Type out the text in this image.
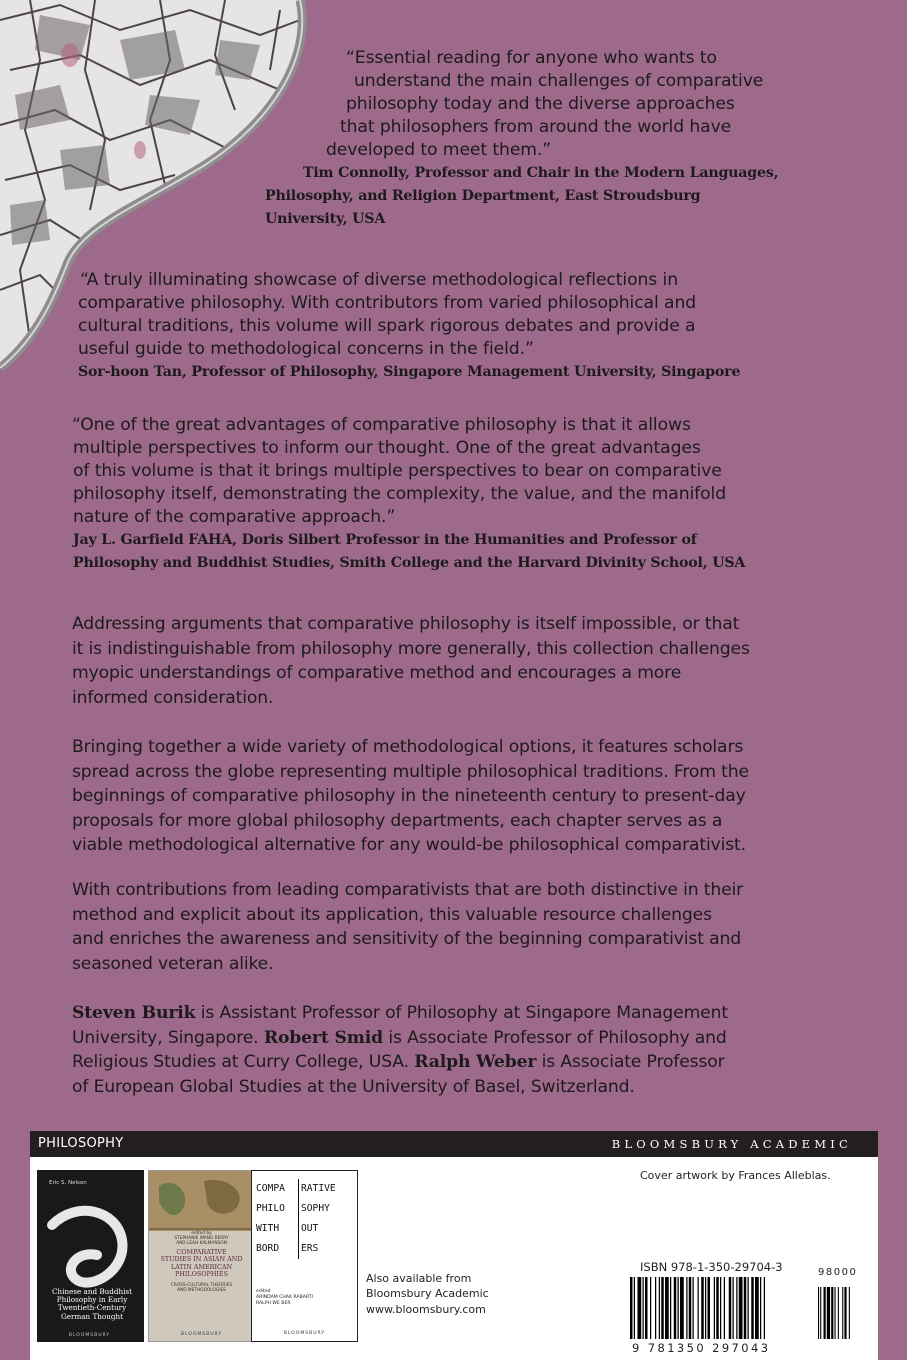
“Essential reading for anyone who wants to
understand the main challenges of comparative
philosophy today and the diverse approaches
that philosophers from around the world have
developed to meet them.”
Tim Connolly, Professor and Chair in the Modern Languages,
Philosophy, and Religion Department, East Stroudsburg
University, USA
“A truly illuminating showcase of diverse methodological reflections in
comparative philosophy. With contributors from varied philosophical and
cultural traditions, this volume will spark rigorous debates and provide a
useful guide to methodological concerns in the field.”
Sor-hoon Tan, Professor of Philosophy, Singapore Management University, Singapore
“One of the great advantages of comparative philosophy is that it allows
multiple perspectives to inform our thought. One of the great advantages
of this volume is that it brings multiple perspectives to bear on comparative
philosophy itself, demonstrating the complexity, the value, and the manifold
nature of the comparative approach.”
Jay L. Garfield FAHA, Doris Silbert Professor in the Humanities and Professor of
Philosophy and Buddhist Studies, Smith College and the Harvard Divinity School, USA
Addressing arguments that comparative philosophy is itself impossible, or that
it is indistinguishable from philosophy more generally, this collection challenges
myopic understandings of comparative method and encourages a more
informed consideration.
Bringing together a wide variety of methodological options, it features scholars
spread across the globe representing multiple philosophical traditions. From the
beginnings of comparative philosophy in the nineteenth century to present-day
proposals for more global philosophy departments, each chapter serves as a
viable methodological alternative for any would-be philosophical comparativist.
With contributions from leading comparativists that are both distinctive in their
method and explicit about its application, this valuable resource challenges
and enriches the awareness and sensitivity of the beginning comparativist and
seasoned veteran alike.
Steven Burik is Assistant Professor of Philosophy at Singapore Management
University, Singapore. Robert Smid is Associate Professor of Philosophy and
Religious Studies at Curry College, USA. Ralph Weber is Associate Professor
of European Global Studies at the University of Basel, Switzerland.
PHILOSOPHY	BLOOMSBURY ACADEMIC
Eric S. Nelson
Chinese and Buddhist
Philosophy in Early
Twentieth-Century
German Thought
BLOOMSBURY
edited by
STEPHANIE WANG BERRY
AND LEAH KALMANSON
COMPARATIVE
STUDIES IN ASIAN AND
LATIN AMERICAN
PHILOSOPHIES
CROSS-CULTURAL THEORIES
AND METHODOLOGIES
BLOOMSBURY
COMPA RATIVE
PHILO SOPHY
WITH OUT
BORD ERS
edited
ARINDAM CHAK RABARTI
RALPH WE BER
BLOOMSBURY
Also available from
Bloomsbury Academic
www.bloomsbury.com
Cover artwork by Frances Alleblas.
ISBN 978-1-350-29704-3
9 781350 297043
98000
